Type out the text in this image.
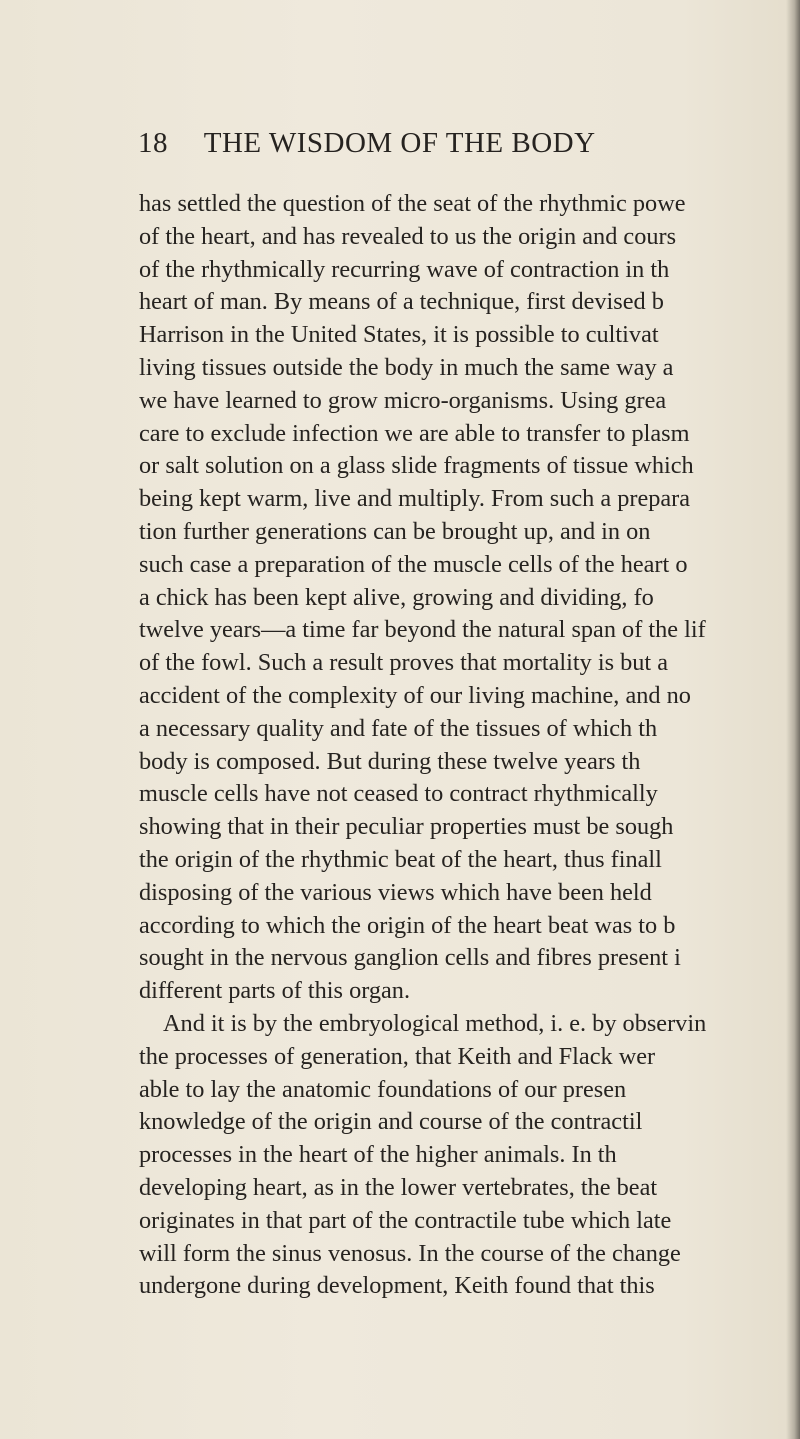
18 THE WISDOM OF THE BODY
has settled the question of the seat of the rhythmic powe
of the heart, and has revealed to us the origin and cours
of the rhythmically recurring wave of contraction in th
heart of man. By means of a technique, first devised b
Harrison in the United States, it is possible to cultivat
living tissues outside the body in much the same way a
we have learned to grow micro-organisms. Using grea
care to exclude infection we are able to transfer to plasm
or salt solution on a glass slide fragments of tissue which
being kept warm, live and multiply. From such a prepara
tion further generations can be brought up, and in on
such case a preparation of the muscle cells of the heart o
a chick has been kept alive, growing and dividing, fo
twelve years—a time far beyond the natural span of the lif
of the fowl. Such a result proves that mortality is but a
accident of the complexity of our living machine, and no
a necessary quality and fate of the tissues of which th
body is composed. But during these twelve years th
muscle cells have not ceased to contract rhythmically
showing that in their peculiar properties must be sough
the origin of the rhythmic beat of the heart, thus finall
disposing of the various views which have been held
according to which the origin of the heart beat was to b
sought in the nervous ganglion cells and fibres present i
different parts of this organ.
And it is by the embryological method, i. e. by observin
the processes of generation, that Keith and Flack wer
able to lay the anatomic foundations of our presen
knowledge of the origin and course of the contractil
processes in the heart of the higher animals. In th
developing heart, as in the lower vertebrates, the beat
originates in that part of the contractile tube which late
will form the sinus venosus. In the course of the change
undergone during development, Keith found that this
